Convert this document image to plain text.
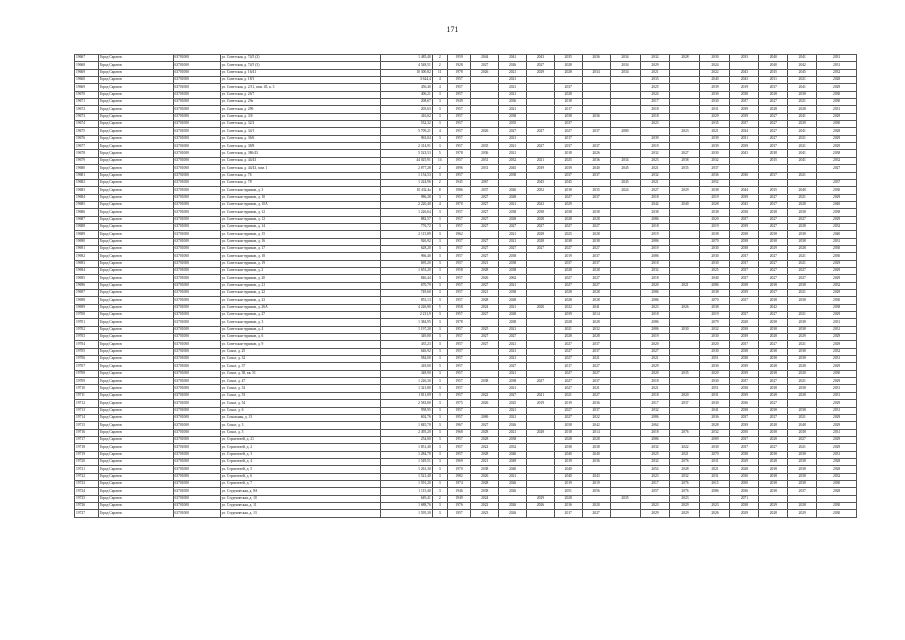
171
19667	Город Саратов	63701000	ул. Советская, д. 74/5 (2)	1 485,40	2	1959	2044	2041	2043	2035	2036	2034	2032	2028	2030	2033	2040	2041	2031
19668	Город Саратов	63701000	ул. Советская, д. 74/5 (3)	4 548,51	2	1928	2027	2026	2027	2028		2034	2029		2024		2040	2042	2031
19669	Город Саратов	63701000	ул. Советская, д. 16/41	10 300,82	11	1978	2026	2021	2029	2028	2034	2034	2021		2022	2043	2035	2045	2032
19660	Город Саратов	63701000	ул. Советская, д. 18/1	3 624,4	4	1957		2021					2033		2040	2043	2031	2021	2028
19669	Город Саратов	63701000	ул. Советская, д. 2/11, пом. 45, к. 3	456,40	4	1957		2021		2037			2025		2039	2019	2037	2041	2029
19670	Город Саратов	63701000	ул. Советская, д. 26/7	406,21	3	1957		2021		2028			2024		2030	2038	2028	2038	2030
19671	Город Саратов	63701000	ул. Советская, д. 29а	208,67	3	1949		2036		2018			2017		2030	2037	2027	2021	2030
19672	Город Саратов	63701000	ул. Советская, д. 29б	205,63	3	1957		2021		2017			2018		2031	2039	2028	2028	2031
19673	Город Саратов	63701000	ул. Советская, д. 3/6	416,62	3	1957		2038		2038	2036		2018		2029	2039	2027	2041	2029
19674	Город Саратов	63701000	ул. Советская, д. 32/2	532,32	3	1957		2035		2037			2023		2035	2037	2027	2029	2030
19675	Город Саратов	63701000	ул. Советская, д. 34/1	5 709,21	4	1957	2026	2027	2027	2027	2037	2080		2023	2021	2034	2027	2041	2028
19676	Город Саратов	63701000	ул. Советская, д. 36/6	963,04	3	1957		2021		2017			2039		2039	2031	2027	2021	2029
19677	Город Саратов	63701000	ул. Советская, д. 38/8	2 314,91	3	1957	2035	2021	2027	2037	2037		2019		2039	2039	2037	2021	2029
19678	Город Саратов	63701000	ул. Советская, д. 38б/43	5 523,53	5	1978	2036	2021		2018	2026		2032	2027	2030	2043	2038	2041	2038
19679	Город Саратов	63701000	ул. Советская, д. 44/43	44 025,91	14	1957	2031	2032	2021	2025	2036	2034	2023	2038	2032		2035	2041	2032
19680	Город Саратов	63701000	ул. Советская, д. 44/43, пом. 1	2 877,28	2	1896	2031	2045	2039	2039	2040	2045	2021	2035	2037				2027
19681	Город Саратов	63701000	ул. Советская, д. 76	1 154,53	3	1957		2038		2037	2037		2032		2036	2030	2037	2021	
19682	Город Саратов	63701000	ул. Советская, д. 78	1 224,96	2	1945	2067		2045	2045		2045	2021		2052				2037
19683	Город Саратов	63701000	ул. Советская-чуриков, д. 3	10 432,4а	8	1986	2037	2026	2052	2018	2035	2024	2027	2029	2038	2044	2035	2040	2030
19684	Город Саратов	63701000	ул. Советская-чуриков, д. 10	986,28	3	1957	2027	2028		2027	2037		2018		2019	2039	2027	2021	2029
19685	Город Саратов	63701000	ул. Советская-чуриков, д. 10А	2 220,40	4	1970	2027	2021	2022	2029			2042	2040	2028	2043	2037	2028	2040
19686	Город Саратов	63701000	ул. Советская-чуриков, д. 12	1 226,64	3	1957	2027	2038	2038	2038	2038		2038		2038	2038	2038	2038	2038
19687	Город Саратов	63701000	ул. Советская-чуриков, д. 12	882,57	3	1957	2027	2028	2028	2028	2028		2086		2020	2037	2027	2027	2029
19688	Город Саратов	63701000	ул. Советская-чуриков, д. 14	776,72	3	1957	2027	2027	2027	2027	2027		2018		2019	2039	2027	2028	2032
19689	Город Саратов	63701000	ул. Советская-чуриков, д. 15	2 115,89	3	1962		2021	2028	2025	2028		2019		2038	2038	2038	2038	2040
19690	Город Саратов	63701000	ул. Советская-чуриков, д. 16	926,92	3	1957	2027	2021	2028	2038	2038		2086		2070	2038	2038	2038	2031
19691	Город Саратов	63701000	ул. Советская-чуриков, д. 17	628,20	3	1957	2027	2027	2027	2027	2027		2019		2030	2038	2029	2028	2030
19692	Город Саратов	63701000	ул. Советская-чуриков, д. 18	966,40	3	1957	2027	2038		2019	2037		2086		2030	2037	2027	2021	2030
19693	Город Саратов	63701000	ул. Советская-чуриков, д. 19	695,20	3	1957	2021	2038		2037	2037		2018		2030	2037	2027	2021	2029
19694	Город Саратов	63701000	ул. Советская-чуриков, д. 2	1 653,20	3	1958	2028	2038		2028	2028		2032		2025	2037	2027	2027	2029
19695	Город Саратов	63701000	ул. Советская-чуриков, д. 20	846,44	3	1957	2026	2062		2027	2027		2018		2040	2037	2027	2027	2029
19696	Город Саратов	63701000	ул. Советская-чуриков, д. 21	670,79	3	1957	2027	2021		2027	2027		2020	2021	2086	2038	2038	2038	2032
19697	Город Саратов	63701000	ул. Советская-чуриков, д. 22	749,60	3	1957	2021	2038		2028	2028		2086		2038	2039	2037	2021	2029
19698	Город Саратов	63701000	ул. Советская-чуриков, д. 23	853,13	3	1957	2028	2028		2028	2028		2086		2070	2037	2038	2038	2030
19699	Город Саратов	63701000	ул. Советская-чуриков, д. 26А	4 226,90	5	1958	2024	2021	2020	2022	2041		2023	2026	2038		2042		2038
19700	Город Саратов	63701000	ул. Советская-чуриков, д. 27	2 231,9	3	1957	2027	2028		2039	2014		2018		2019	2037	2027	2021	2029
19701	Город Саратов	63701000	ул. Советская-чуриков, д. 3	1 384,95	3	1978		2038		2028	2028		2086		2079	2028	2038	2038	2031
19702	Город Саратов	63701000	ул. Советская-чуриков, д. 4	1 197,20	3	1957	2025	2021		2021	2032		2086	2030	2032	2038	2038	2038	2031
19703	Город Саратов	63701000	ул. Советская-чуриков, д. 6	349,00	3	1957	2027	2027		2028	2028		2019		2030	2039	2028	2029	2029
19704	Город Саратов	63701000	ул. Советская-чуриков, д. 9	435,23	3	1957	2027	2021		2027	2037		2020		2020	2037	2027	2021	2029
19705	Город Саратов	63701000	ул. Сокол, д. 25	646,92	3	1957		2021		2027	2037		2027		2030	2038	2038	2038	2032
19706	Город Саратов	63701000	ул. Сокол, д. 32	584,00	3	1957		2021		2027	2021		2021		2051	2038	2038	2038	2031
19707	Город Саратов	63701000	ул. Сокол, д. 37	418,00	3	1957		2027		2017	2027		2029		2030	2039	2028	2028	2029
19708	Город Саратов	63701000	ул. Сокол, д. 38, кв. 51	348,90	3	1957		2021		2027	2027		2020	2035	2020	2039	2038	2020	2030
19709	Город Саратов	63701000	ул. Сокол, д. 47	1 226,30	3	1957	2038	2038	2027	2027	2037		2018		2030	2037	2027	2021	2029
19710	Город Саратов	63701000	ул. Сокол, д. 52	1 321,80	3	1957		2021		2027	2021		2021		2051	2038	2038	2038	2031
19711	Город Саратов	63701000	ул. Сокол, д. 53	1 811,09	3	1957	2022	2027	2021	2021	2027		2018	2020	2031	2039	2028	2028	2031
19712	Город Саратов	63701000	ул. Сокол, д. 54	2 583,80	3	1975	2026	2025	2019	2019	2036		2017	2037	2030	2036	2027		2029
19713	Город Саратов	63701000	ул. Сокол, д. 6	958,95	3	1957		2021		2027	2037		2032		2041	2038	2038	2038	2031
19714	Город Саратов	63701000	ул. Сокольная, д. 13	602,76	3	1957	2069	2021		2027	2022		2086		2036	2037	2027	2021	2029
19715	Город Саратов	63701000	ул. Сокол, д. 3	1 845,70	3	1967	2027	2026		2038	2042		2062		2028	2039	2028	2048	2029
19716	Город Саратов	63701000	ул. Сокол, д. 5	2 495,20	3	1968	2028	2021	2028	2018	2014		2018	2076	2032	2050	2038	2038	2031
19717	Город Саратов	63701000	ул. Строителей, д. 21	254,00	3	1957	2028	2038		2028	2028		2086		2009	2037	2028	2027	2029
19718	Город Саратов	63701000	ул. Строителей, д. 2	1 851,40	3	1957	2022	2032		2038	2038		2032	2022	2030	2037	2027	2021	2029
19719	Город Саратов	63701000	ул. Строителей, д. 3	1 284,70	3	1957	2028	2040		2040	2040		2025	2021	2070	2038	2038	2038	2031
19720	Город Саратов	63701000	ул. Строителей, д. 4	1 549,51	3	1969	2021	2049		2019	2036		2032	2076	2031	2029	2028	2038	2028
19721	Город Саратов	63701000	ул. Строителей, д. 5	1 261,30	3	1970	2038	2040		2040			2052	2028	2021	2028	2038	2038	2028
19722	Город Саратов	63701000	ул. Строителей, д. 6	1 521,40	3	1982	2026	2021		2040	2043		2023	2032	2031	2030	2038	2038	2032
19723	Город Саратов	63701000	ул. Строителей, д. 7	1 591,20	3	1974	2028	2026		2019	2019		2017	2076	2015	2050	2038	2038	2030
19724	Город Саратов	63701000	ул. Студенческая, д. 8А	1 115,40	3	1946	2038	2026		2051	2056		2057	2076	2086	2036	2038	2037	2028
19725	Город Саратов	63701000	ул. Студенческая, д. 10	649,41	2	1949	2024		2029	2028		2035		2023		2071			
19726	Город Саратов	63701000	ул. Студенческая, д. 11	1 688,76	3	1976	2022	2026	2026	2016	2020		2023	2029	2023	2038	2029	2028	2030
19727	Город Саратов	63701000	ул. Студенческая, д. 13	1 595,30	3	1957	2023	2026		2017	2027		2029	2029	2026	2029	2028	2029	2030
